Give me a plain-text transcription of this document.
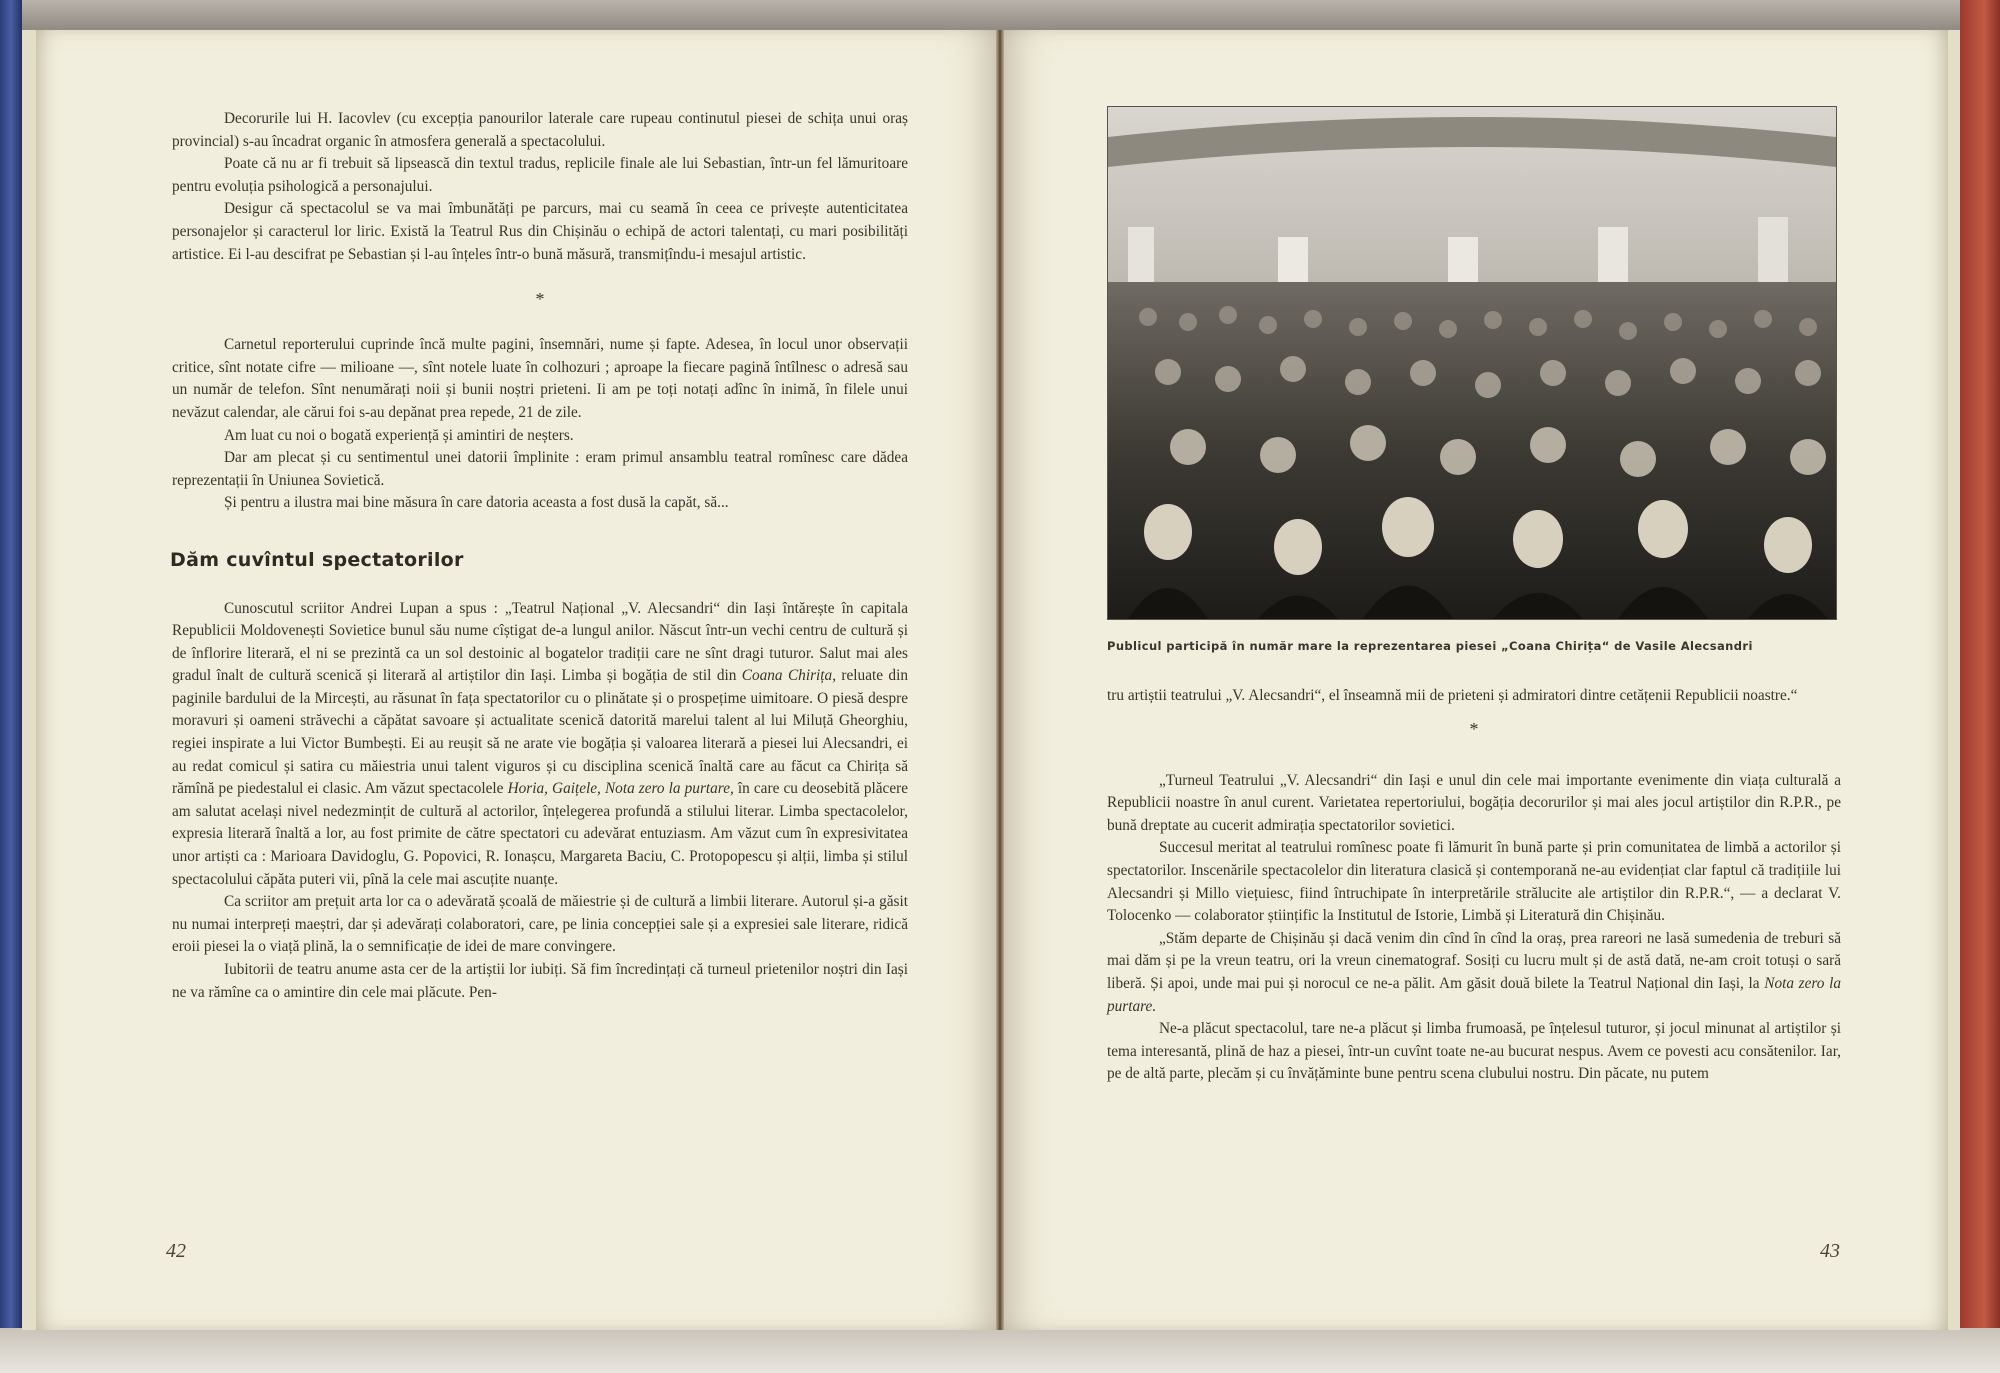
Decorurile lui H. Iacovlev (cu excepția panourilor laterale care rupeau continutul piesei de schița unui oraș provincial) s-au încadrat organic în atmosfera generală a spectacolului.

Poate că nu ar fi trebuit să lipsească din textul tradus, replicile finale ale lui Sebastian, într-un fel lămuritoare pentru evoluția psihologică a personajului.

Desigur că spectacolul se va mai îmbunătăți pe parcurs, mai cu seamă în ceea ce privește autenticitatea personajelor și caracterul lor liric. Există la Teatrul Rus din Chișinău o echipă de actori talentați, cu mari posibilități artistice. Ei l-au descifrat pe Sebastian și l-au înțeles într-o bună măsură, transmițîndu-i mesajul artistic.

*

Carnetul reporterului cuprinde încă multe pagini, însemnări, nume și fapte. Adesea, în locul unor observații critice, sînt notate cifre — milioane —, sînt notele luate în colhozuri ; aproape la fiecare pagină întîlnesc o adresă sau un număr de telefon. Sînt nenumărați noii și bunii noștri prieteni. Ii am pe toți notați adînc în inimă, în filele unui nevăzut calendar, ale cărui foi s-au depănat prea repede, 21 de zile.

Am luat cu noi o bogată experiență și amintiri de neșters.

Dar am plecat și cu sentimentul unei datorii împlinite : eram primul ansamblu teatral romînesc care dădea reprezentații în Uniunea Sovietică.

Și pentru a ilustra mai bine măsura în care datoria aceasta a fost dusă la capăt, să...

Dăm cuvîntul spectatorilor

Cunoscutul scriitor Andrei Lupan a spus : „Teatrul Național „V. Alecsandri“ din Iași întărește în capitala Republicii Moldovenești Sovietice bunul său nume cîștigat de-a lungul anilor. Născut într-un vechi centru de cultură și de înflorire literară, el ni se prezintă ca un sol destoinic al bogatelor tradiții care ne sînt dragi tuturor. Salut mai ales gradul înalt de cultură scenică și literară al artiștilor din Iași. Limba și bogăția de stil din Coana Chirița, reluate din paginile bardului de la Mircești, au răsunat în fața spectatorilor cu o plinătate și o prospețime uimitoare. O piesă despre moravuri și oameni străvechi a căpătat savoare și actualitate scenică datorită marelui talent al lui Miluță Gheorghiu, regiei inspirate a lui Victor Bumbești. Ei au reușit să ne arate vie bogăția și valoarea literară a piesei lui Alecsandri, ei au redat comicul și satira cu măiestria unui talent viguros și cu disciplina scenică înaltă care au făcut ca Chirița să rămînă pe piedestalul ei clasic. Am văzut spectacolele Horia, Gaițele, Nota zero la purtare, în care cu deosebită plăcere am salutat același nivel nedezmințit de cultură al actorilor, înțelegerea profundă a stilului literar. Limba spectacolelor, expresia literară înaltă a lor, au fost primite de către spectatori cu adevărat entuziasm. Am văzut cum în expresivitatea unor artiști ca : Marioara Davidoglu, G. Popovici, R. Ionașcu, Margareta Baciu, C. Protopopescu și alții, limba și stilul spectacolului căpăta puteri vii, pînă la cele mai ascuțite nuanțe.

Ca scriitor am prețuit arta lor ca o adevărată școală de măiestrie și de cultură a limbii literare. Autorul și-a găsit nu numai interpreți maeștri, dar și adevărați colaboratori, care, pe linia concepției sale și a expresiei sale literare, ridică eroii piesei la o viață plină, la o semnificație de idei de mare convingere.

Iubitorii de teatru anume asta cer de la artiștii lor iubiți. Să fim încredințați că turneul prietenilor noștri din Iași ne va rămîne ca o amintire din cele mai plăcute. Pen-

42
Publicul participă în număr mare la reprezentarea piesei „Coana Chirița“ de Vasile Alecsandri

tru artiștii teatrului „V. Alecsandri“, el înseamnă mii de prieteni și admiratori dintre cetățenii Republicii noastre.“

*

„Turneul Teatrului „V. Alecsandri“ din Iași e unul din cele mai importante evenimente din viața culturală a Republicii noastre în anul curent. Varietatea repertoriului, bogăția decorurilor și mai ales jocul artiștilor din R.P.R., pe bună dreptate au cucerit admirația spectatorilor sovietici.

Succesul meritat al teatrului romînesc poate fi lămurit în bună parte și prin comunitatea de limbă a actorilor și spectatorilor. Inscenările spectacolelor din literatura clasică și contemporană ne-au evidențiat clar faptul că tradițiile lui Alecsandri și Millo viețuiesc, fiind întruchipate în interpretările strălucite ale artiștilor din R.P.R.“, — a declarat V. Tolocenko — colaborator științific la Institutul de Istorie, Limbă și Literatură din Chișinău.

„Stăm departe de Chișinău și dacă venim din cînd în cînd la oraș, prea rareori ne lasă sumedenia de treburi să mai dăm și pe la vreun teatru, ori la vreun cinematograf. Sosiți cu lucru mult și de astă dată, ne-am croit totuși o sară liberă. Și apoi, unde mai pui și norocul ce ne-a pălit. Am găsit două bilete la Teatrul Național din Iași, la Nota zero la purtare.

Ne-a plăcut spectacolul, tare ne-a plăcut și limba frumoasă, pe înțelesul tuturor, și jocul minunat al artiștilor și tema interesantă, plină de haz a piesei, într-un cuvînt toate ne-au bucurat nespus. Avem ce povesti acu consătenilor. Iar, pe de altă parte, plecăm și cu învățăminte bune pentru scena clubului nostru. Din păcate, nu putem

43
